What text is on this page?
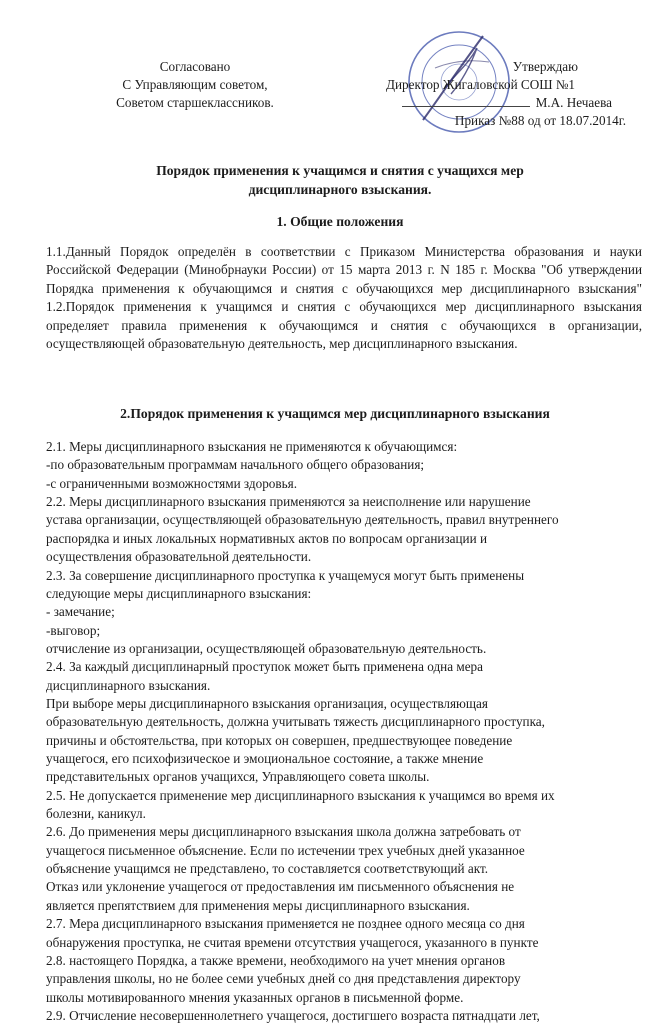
Согласовано
С Управляющим советом,
Советом старшеклассников.
Утверждаю
Директор Жигаловской СОШ №1
М.А. Нечаева
Приказ №88 од от 18.07.2014г.
Порядок применения к учащимся и снятия с учащихся мер
дисциплинарного взыскания.
1. Общие положения
1.1.Данный Порядок определён в соответствии с Приказом Министерства образования и науки Российской Федерации (Минобрнауки России) от 15 марта 2013 г. N 185 г. Москва "Об утверждении Порядка применения к обучающимся и снятия с обучающихся мер дисциплинарного взыскания" 1.2.Порядок применения к учащимся и снятия с обучающихся мер дисциплинарного взыскания определяет правила применения к обучающимся и снятия с обучающихся в организации, осуществляющей образовательную деятельность, мер дисциплинарного взыскания.
2.Порядок применения к учащимся мер дисциплинарного взыскания
2.1. Меры дисциплинарного взыскания не применяются к обучающимся:
-по образовательным программам начального общего образования;
-с ограниченными возможностями здоровья.
2.2. Меры дисциплинарного взыскания применяются за неисполнение или нарушение
устава организации, осуществляющей образовательную деятельность, правил внутреннего
распорядка и иных локальных нормативных актов по вопросам организации и
осуществления образовательной деятельности.
2.3. За совершение дисциплинарного проступка к учащемуся могут быть применены
следующие меры дисциплинарного взыскания:
- замечание;
-выговор;
отчисление из организации, осуществляющей образовательную деятельность.
2.4. За каждый дисциплинарный проступок может быть применена одна мера
дисциплинарного взыскания.
При выборе меры дисциплинарного взыскания организация, осуществляющая
образовательную деятельность, должна учитывать тяжесть дисциплинарного проступка,
причины и обстоятельства, при которых он совершен, предшествующее поведение
учащегося, его психофизическое и эмоциональное состояние, а также мнение
представительных органов учащихся, Управляющего совета школы.
2.5. Не допускается применение мер дисциплинарного взыскания к учащимся во время их
болезни, каникул.
2.6. До применения меры дисциплинарного взыскания школа должна затребовать от
учащегося письменное объяснение. Если по истечении трех учебных дней указанное
объяснение учащимся не представлено, то составляется соответствующий акт.
Отказ или уклонение учащегося от предоставления им письменного объяснения не
является препятствием для применения меры дисциплинарного взыскания.
2.7. Мера дисциплинарного взыскания применяется не позднее одного месяца со дня
обнаружения проступка, не считая времени отсутствия учащегося, указанного в пункте
2.8. настоящего Порядка, а также времени, необходимого на учет мнения органов
управления школы, но не более семи учебных дней со дня представления директору
школы мотивированного мнения указанных органов в письменной форме.
2.9. Отчисление несовершеннолетнего учащегося, достигшего возраста пятнадцати лет,
